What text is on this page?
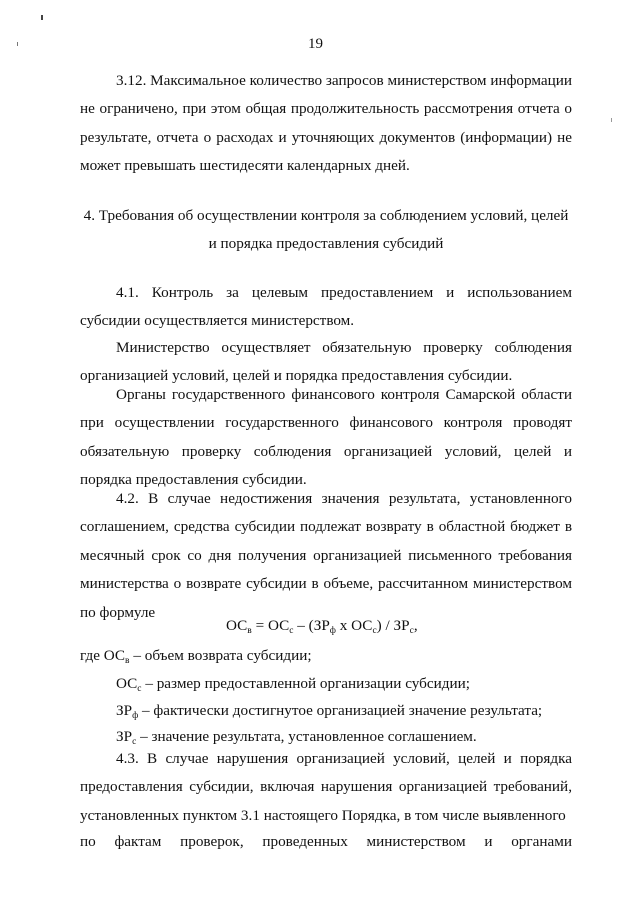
19

3.12. Максимальное количество запросов министерством информации не ограничено, при этом общая продолжительность рассмотрения отчета о результате, отчета о расходах и уточняющих документов (информации) не может превышать шестидесяти календарных дней.

4. Требования об осуществлении контроля за соблюдением условий, целей
и порядка предоставления субсидий

4.1. Контроль за целевым предоставлением и использованием субсидии осуществляется министерством.

Министерство осуществляет обязательную проверку соблюдения организацией условий, целей и порядка предоставления субсидии.

Органы государственного финансового контроля Самарской области при осуществлении государственного финансового контроля проводят обязательную проверку соблюдения организацией условий, целей и порядка предоставления субсидии.

4.2. В случае недостижения значения результата, установленного соглашением, средства субсидии подлежат возврату в областной бюджет в месячный срок со дня получения организацией письменного требования министерства о возврате субсидии в объеме, рассчитанном министерством по формуле

$ОС_в = ОС_с - (ЗР_ф$ х $ОС_с) / ЗР_с$,

где $ОС_в$ – объем возврата субсидии;

$ОС_с$ – размер предоставленной организации субсидии;

$ЗР_ф$ – фактически достигнутое организацией значение результата;

$ЗР_с$ – значение результата, установленное соглашением.

4.3. В случае нарушения организацией условий, целей и порядка предоставления субсидии, включая нарушения организацией требований, установленных пунктом 3.1 настоящего Порядка, в том числе выявленного

по фактам проверок, проведенных министерством и органами
